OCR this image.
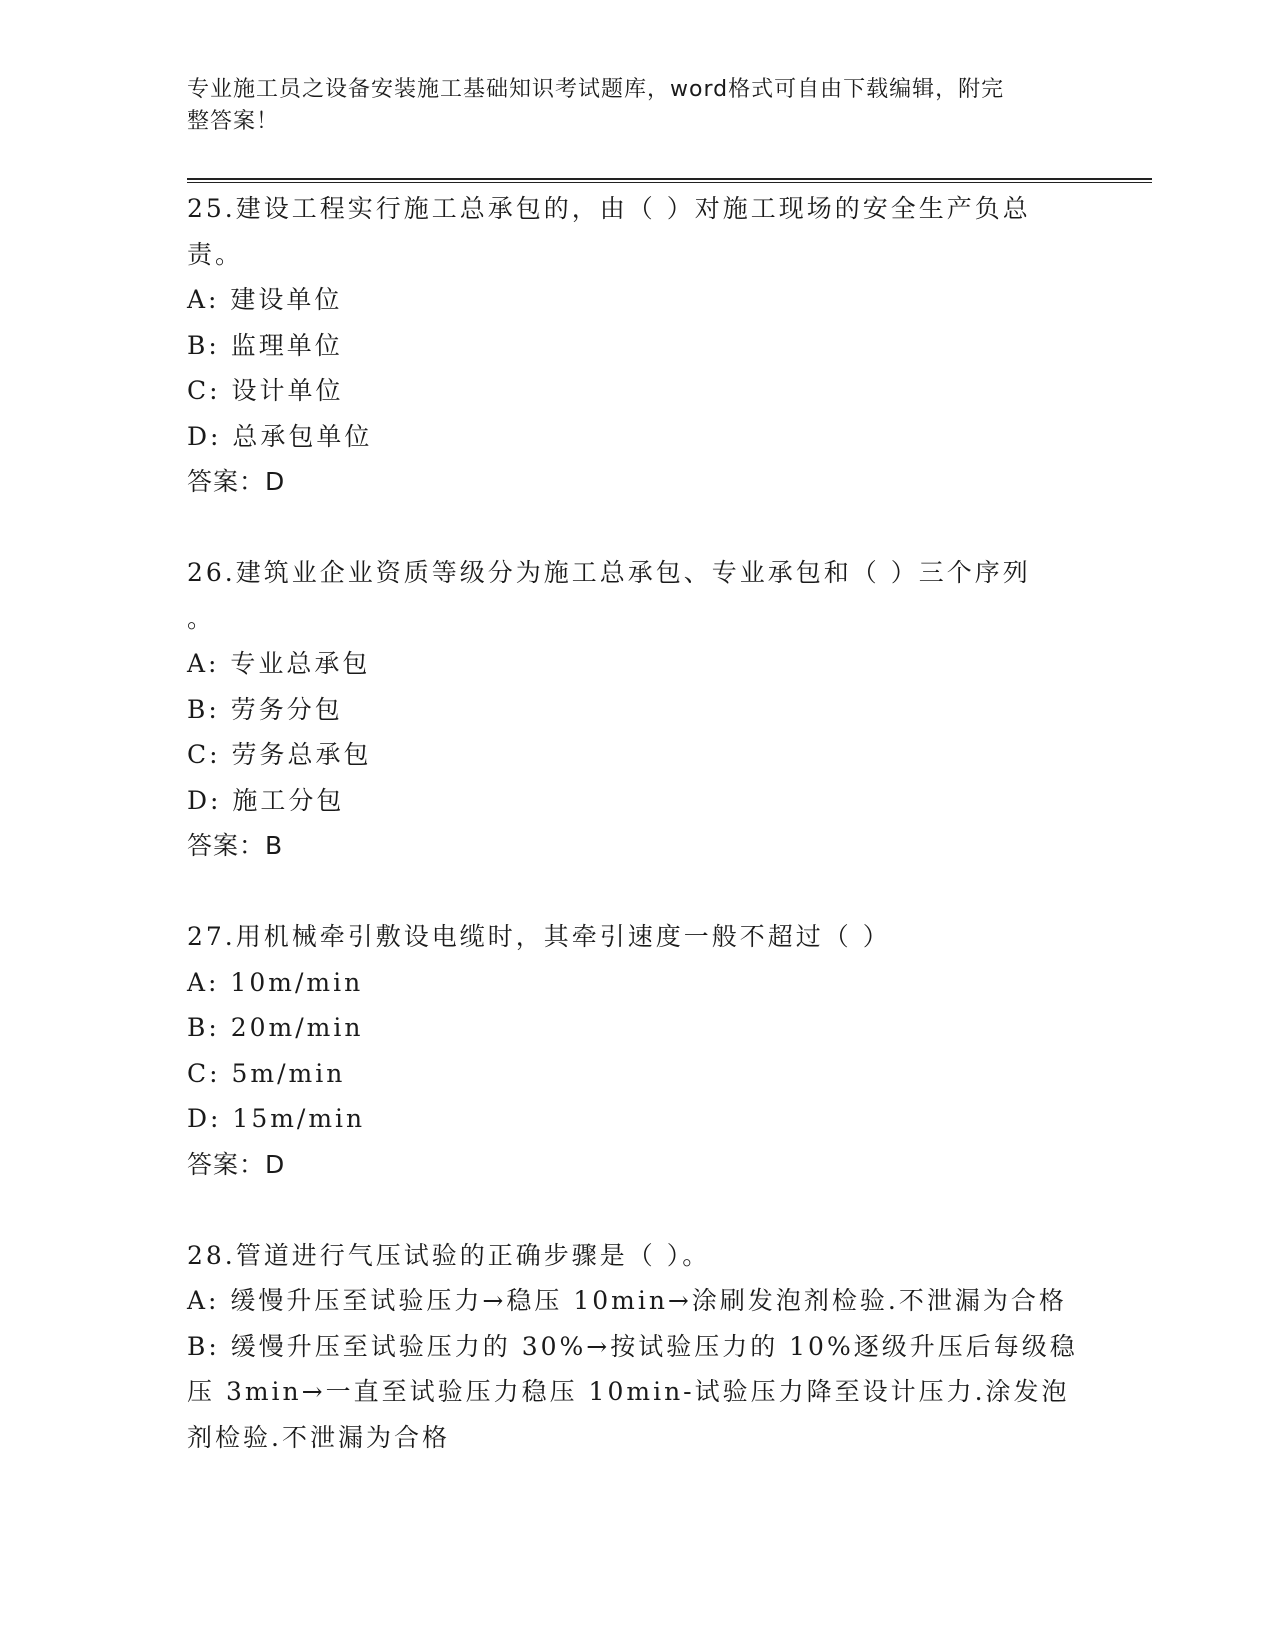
专业施工员之设备安装施工基础知识考试题库，word格式可自由下载编辑，附完
整答案！
25.建设工程实行施工总承包的，由（ ）对施工现场的安全生产负总
责。
A: 建设单位
B: 监理单位
C: 设计单位
D: 总承包单位
答案：D
26.建筑业企业资质等级分为施工总承包、专业承包和（ ）三个序列
。
A: 专业总承包
B: 劳务分包
C: 劳务总承包
D: 施工分包
答案：B
27.用机械牵引敷设电缆时，其牵引速度一般不超过（ ）
A: 10m/min
B: 20m/min
C: 5m/min
D: 15m/min
答案：D
28.管道进行气压试验的正确步骤是（ ）。
A: 缓慢升压至试验压力→稳压 10min→涂刷发泡剂检验.不泄漏为合格
B: 缓慢升压至试验压力的 30%→按试验压力的 10%逐级升压后每级稳
压 3min→一直至试验压力稳压 10min-试验压力降至设计压力.涂发泡
剂检验.不泄漏为合格
